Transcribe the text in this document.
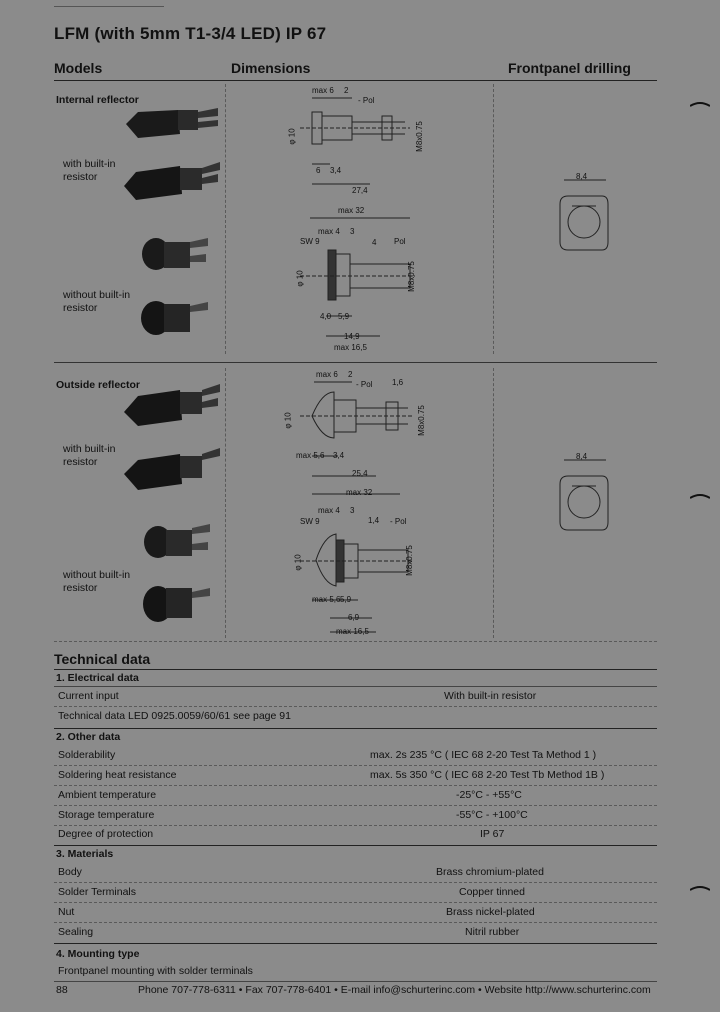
LFM (with 5mm T1-3/4 LED) IP 67
Models	Dimensions	Frontpanel drilling
Internal reflector
with built-in
resistor
without built-in
resistor
max 6 2
- Pol
φ 10	M8x0.75
6 3,4
27,4
max 32
max 4 3
4
SW 9	Pol
φ 10	M8x0.75
4,0 5,9
14,9
max 16,5
8,4
Outside reflector
with built-in
resistor
without built-in
resistor
max 6 2
- Pol 1,6
φ 10	M8x0.75
max 5,6 3,4
25,4
max 32
max 4 3
1,4
SW 9	- Pol
φ 10	M8x0.75
max 5,6 5,9
6,9
max 16,5
8,4
Technical data
1. Electrical data
Current input	With built-in resistor
Technical data LED 0925.0059/60/61 see page 91
2. Other data
Solderability	max. 2s 235 °C ( IEC 68 2-20 Test Ta Method 1 )
Soldering heat resistance	max. 5s 350 °C ( IEC 68 2-20 Test Tb Method 1B )
Ambient temperature	-25°C - +55°C
Storage temperature	-55°C - +100°C
Degree of protection	IP 67
3. Materials
Body	Brass chromium-plated
Solder Terminals	Copper tinned
Nut	Brass nickel-plated
Sealing	Nitril rubber
4. Mounting type
Frontpanel mounting with solder terminals
88	Phone 707-778-6311 • Fax 707-778-6401 • E-mail info@schurterinc.com • Website http://www.schurterinc.com
